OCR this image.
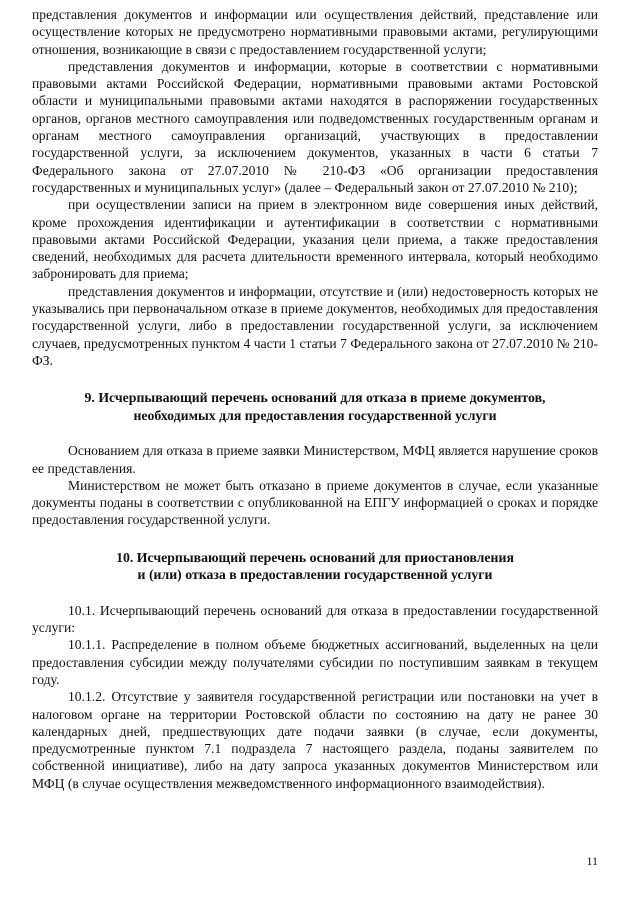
представления документов и информации или осуществления действий, представление или осуществление которых не предусмотрено нормативными правовыми актами, регулирующими отношения, возникающие в связи с предоставлением государственной услуги;

представления документов и информации, которые в соответствии с нормативными правовыми актами Российской Федерации, нормативными правовыми актами Ростовской области и муниципальными правовыми актами находятся в распоряжении государственных органов, органов местного самоуправления или подведомственных государственным органам и органам местного самоуправления организаций, участвующих в предоставлении государственной услуги, за исключением документов, указанных в части 6 статьи 7 Федерального закона от 27.07.2010 № 210-ФЗ «Об организации предоставления государственных и муниципальных услуг» (далее – Федеральный закон от 27.07.2010 № 210);

при осуществлении записи на прием в электронном виде совершения иных действий, кроме прохождения идентификации и аутентификации в соответствии с нормативными правовыми актами Российской Федерации, указания цели приема, а также предоставления сведений, необходимых для расчета длительности временного интервала, который необходимо забронировать для приема;

представления документов и информации, отсутствие и (или) недостоверность которых не указывались при первоначальном отказе в приеме документов, необходимых для предоставления государственной услуги, либо в предоставлении государственной услуги, за исключением случаев, предусмотренных пунктом 4 части 1 статьи 7 Федерального закона от 27.07.2010 № 210-ФЗ.

9. Исчерпывающий перечень оснований для отказа в приеме документов,
необходимых для предоставления государственной услуги

Основанием для отказа в приеме заявки Министерством, МФЦ является нарушение сроков ее представления.

Министерством не может быть отказано в приеме документов в случае, если указанные документы поданы в соответствии с опубликованной на ЕПГУ информацией о сроках и порядке предоставления государственной услуги.

10. Исчерпывающий перечень оснований для приостановления
и (или) отказа в предоставлении государственной услуги

10.1. Исчерпывающий перечень оснований для отказа в предоставлении государственной услуги:

10.1.1. Распределение в полном объеме бюджетных ассигнований, выделенных на цели предоставления субсидии между получателями субсидии по поступившим заявкам в текущем году.

10.1.2. Отсутствие у заявителя государственной регистрации или постановки на учет в налоговом органе на территории Ростовской области по состоянию на дату не ранее 30 календарных дней, предшествующих дате подачи заявки (в случае, если документы, предусмотренные пунктом 7.1 подраздела 7 настоящего раздела, поданы заявителем по собственной инициативе), либо на дату запроса указанных документов Министерством или МФЦ (в случае осуществления межведомственного информационного взаимодействия).

11
